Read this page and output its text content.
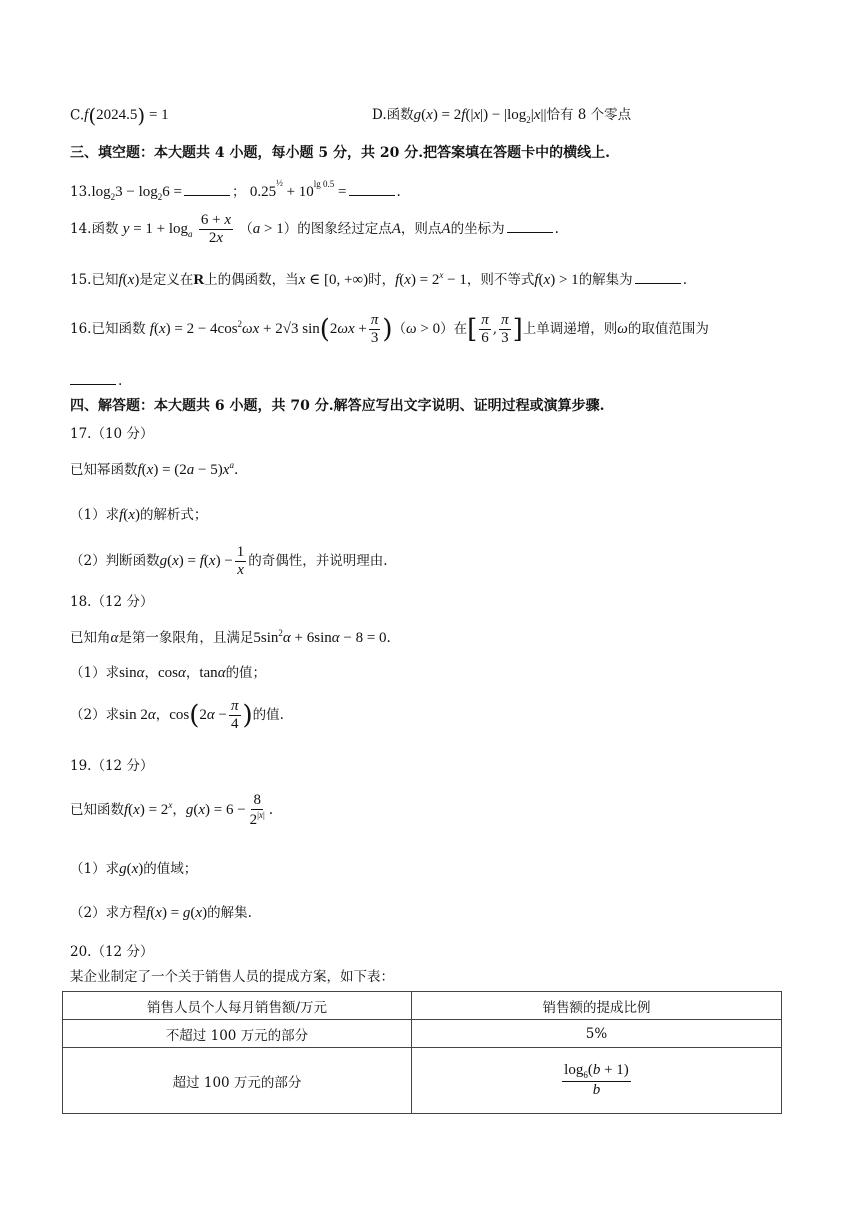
C.f(2024.5) = 1	D.函数$g(x) = 2f(|x|) - |\log_2|x||$恰有 8 个零点
三、填空题：本大题共 4 小题，每小题 5 分，共 20 分.把答案填在答题卡中的横线上.
$13.\log_23 - \log_26$ =	； $0.25^{\frac{1}{2}} + 10^{lg 0.5}$ =	.
14.函数 $y = 1 + \log_a \frac{6 + x}{2x} (a > 1)$的图象经过定点A，则点A的坐标为	.
15.已知f(x)是定义在R上的偶函数，当x ∈ [0, +∞)时，$f(x) = 2^x - 1$，则不等式f(x) > 1的解集为	.
16.已知函数 $f(x) = 2 - 4\cos^2\omega x + 2√3$ $\sin(2\omega x + \frac{\pi}{3} )(\omega > 0)$在[ $\frac{\pi}{6}$ , $\frac{\pi}{3}$ ]上单调递增，则ω的取值范围为
.
四、解答题：本大题共 6 小题，共 70 分.解答应写出文字说明、证明过程或演算步骤.
17.（10 分）
已知幂函数$f(x) = (2a - 5)x^a$.
（1）求f(x)的解析式；
（2）判断函数$g(x) = f(x) - \frac{1}{x}$ 的奇偶性，并说明理由.
18.（12 分）
已知角α是第一象限角，且满足$5\sin^2\alpha + 6\sin\alpha - 8 = 0$.
（1）求sinα，cosα，tanα的值；
（2）求sin 2α，$\cos(2\alpha - \frac{\pi}{4}$ )的值.
19.（12 分）
已知函数$f(x) = 2^x$，$g(x) = 6 - \frac{8}{2^{|x|}}$ .
（1）求g(x)的值域；
（2）求方程f(x) = g(x)的解集.
20.（12 分）
某企业制定了一个关于销售人员的提成方案，如下表：
销售人员个人每月销售额/万元	销售额的提成比例
不超过 100 万元的部分	5%
超过 100 万元的部分	$\frac{\log_6(b + 1)}{b}$
